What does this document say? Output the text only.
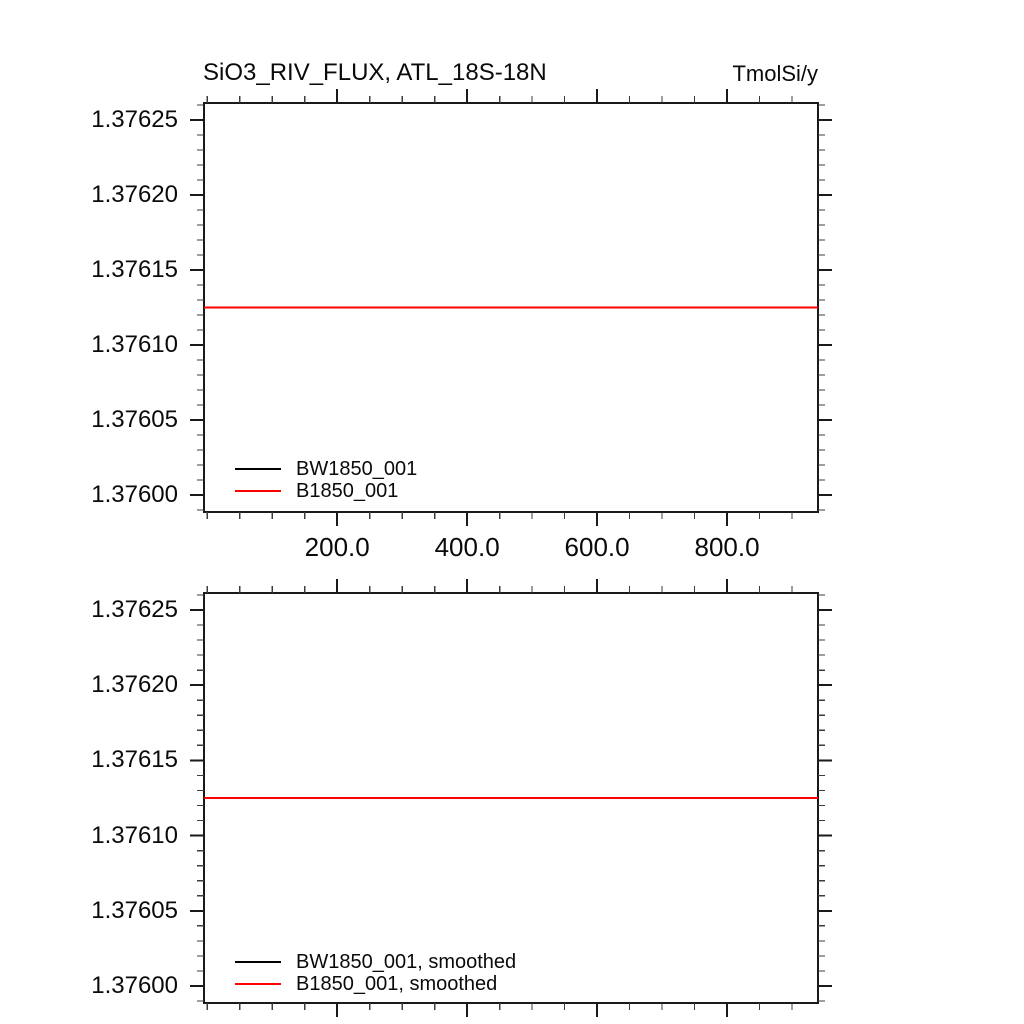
SiO3_RIV_FLUX, ATL_18S-18N	TmolSi/y
BW1850_001
B1850_001
BW1850_001, smoothed
B1850_001, smoothed
200.0 400.0 600.0 800.0
1.37600
1.37605
1.37610
1.37615
1.37620
1.37625
1.37600
1.37605
1.37610
1.37615
1.37620
1.37625
